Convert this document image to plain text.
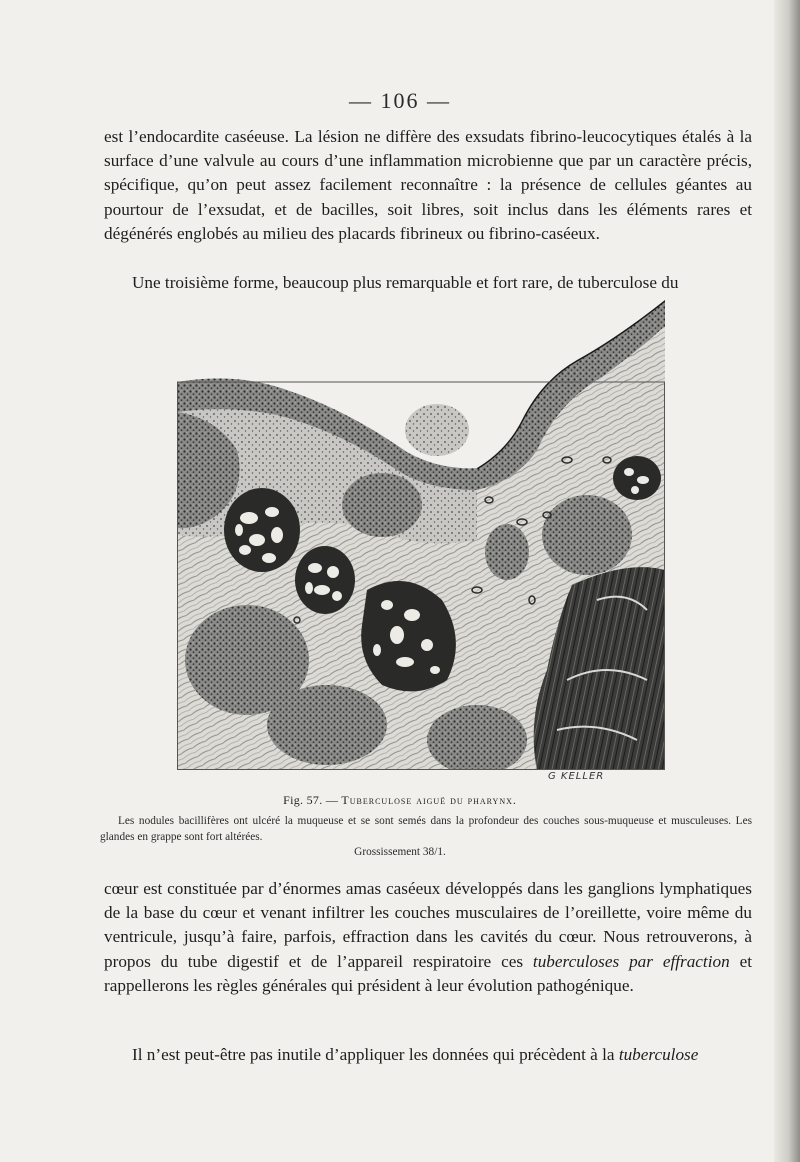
— 106 —

est l’endocardite caséeuse. La lésion ne diffère des exsudats fibrino-leucocytiques étalés à la surface d’une valvule au cours d’une inflammation microbienne que par un caractère précis, spécifique, qu’on peut assez facilement reconnaître : la présence de cellules géantes au pourtour de l’exsudat, et de bacilles, soit libres, soit inclus dans les éléments rares et dégénérés englobés au milieu des placards fibrineux ou fibrino-caséeux.

Une troisième forme, beaucoup plus remarquable et fort rare, de tuberculose du

G KELLER
Fig. 57. — Tuberculose aiguë du pharynx.
Les nodules bacillifères ont ulcéré la muqueuse et se sont semés dans la profondeur des couches sous-muqueuse et musculeuses. Les glandes en grappe sont fort altérées.
Grossissement 38/1.

cœur est constituée par d’énormes amas caséeux développés dans les ganglions lymphatiques de la base du cœur et venant infiltrer les couches musculaires de l’oreillette, voire même du ventricule, jusqu’à faire, parfois, effraction dans les cavités du cœur. Nous retrouverons, à propos du tube digestif et de l’appareil respiratoire ces tuberculoses par effraction et rappellerons les règles générales qui président à leur évolution pathogénique.

Il n’est peut-être pas inutile d’appliquer les données qui précèdent à la tuberculose
